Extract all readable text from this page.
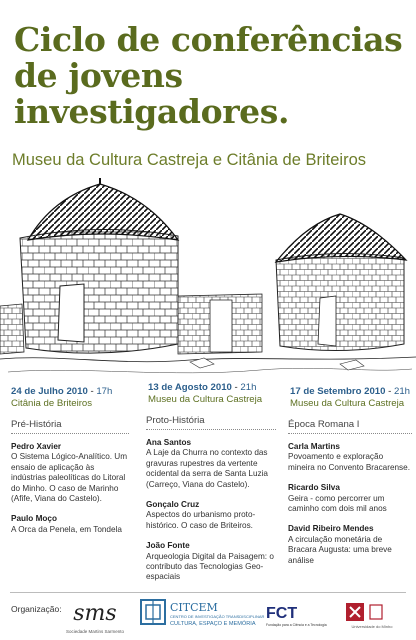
Ciclo de conferências
de jovens
investigadores.

Museu da Cultura Castreja e Citânia de Briteiros

24 de Julho 2010 - 17h
Citânia de Briteiros
Pré-História
Pedro Xavier
O Sistema Lógico-Analítico. Um ensaio de aplicação às indústrias paleolíticas do Litoral do Minho. O caso de Marinho (Afife, Viana do Castelo).
Paulo Moço
A Orca da Penela, em Tondela
13 de Agosto 2010 - 21h
Museu da Cultura Castreja
Proto-História
Ana Santos
A Laje da Churra no contexto das gravuras rupestres da vertente ocidental da serra de Santa Luzia (Carreço, Viana do Castelo).
Gonçalo Cruz
Aspectos do urbanismo proto-histórico. O caso de Briteiros.
João Fonte
Arqueologia Digital da Paisagem: o contributo das Tecnologias Geo-espaciais
17 de Setembro 2010 - 21h
Museu da Cultura Castreja
Época Romana I
Carla Martins
Povoamento e exploração mineira no Convento Bracarense.
Ricardo Silva
Geira - como percorrer um caminho com dois mil anos
David Ribeiro Mendes
A circulação monetária de Bracara Augusta: uma breve análise
Organização: sms
Sociedade Martins Sarmento
CITCEM
CENTRO DE INVESTIGAÇÃO TRANSDISCIPLINAR
CULTURA, ESPAÇO E MEMÓRIA
FCT
Fundação para a Ciência e a Tecnologia	Universidade do Minho
